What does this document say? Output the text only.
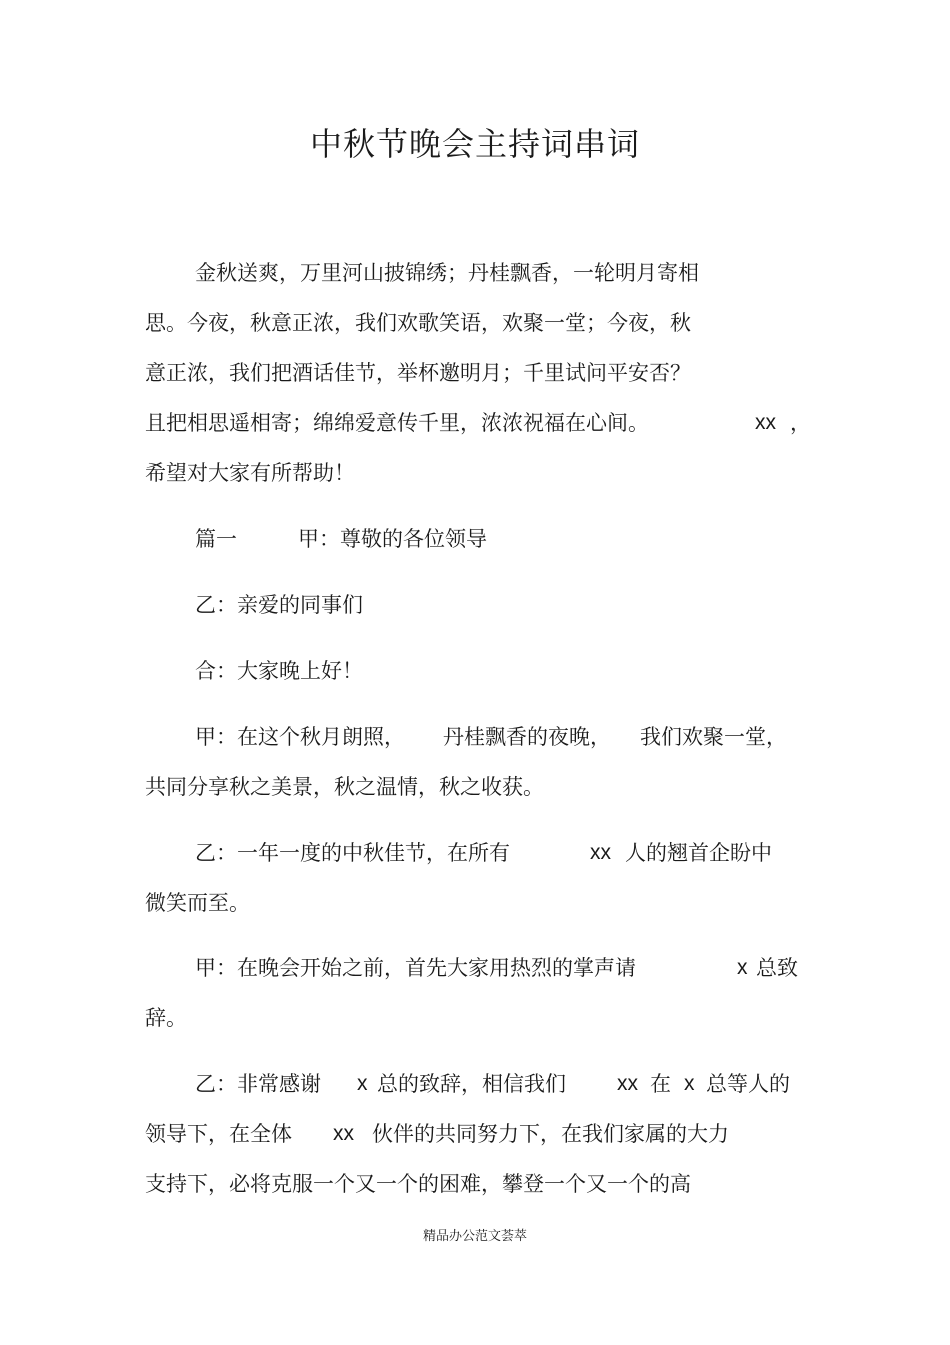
中秋节晚会主持词串词
金秋送爽，万里河山披锦绣；丹桂飘香，一轮明月寄相
思。今夜，秋意正浓，我们欢歌笑语，欢聚一堂；今夜，秋
意正浓，我们把酒话佳节，举杯邀明月；千里试问平安否？
且把相思遥相寄；绵绵爱意传千里，浓浓祝福在心间。	xx ，
希望对大家有所帮助！
篇一	甲：尊敬的各位领导
乙：亲爱的同事们
合：大家晚上好！
甲：在这个秋月朗照， 丹桂飘香的夜晚， 我们欢聚一堂，
共同分享秋之美景，秋之温情，秋之收获。
乙：一年一度的中秋佳节，在所有	xx 人的翘首企盼中
微笑而至。
甲：在晚会开始之前，首先大家用热烈的掌声请	x 总致
辞。
乙：非常感谢 x 总的致辞，相信我们 xx 在 x 总等人的
领导下，在全体 xx 伙伴的共同努力下，在我们家属的大力
支持下，必将克服一个又一个的困难，攀登一个又一个的高
精品办公范文荟萃
